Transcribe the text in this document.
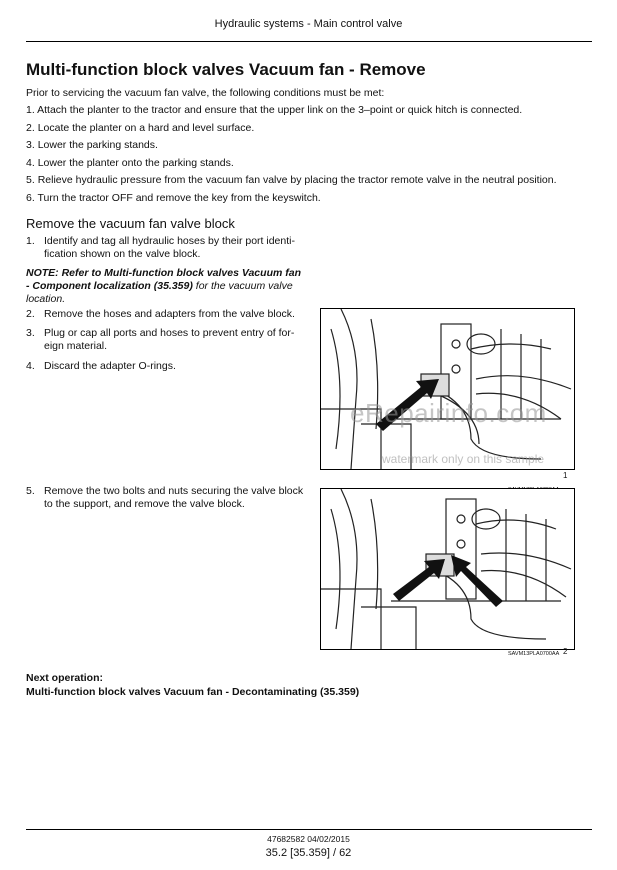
Hydraulic systems - Main control valve
Multi-function block valves Vacuum fan - Remove
Prior to servicing the vacuum fan valve, the following conditions must be met:
1. Attach the planter to the tractor and ensure that the upper link on the 3–point or quick hitch is connected.
2. Locate the planter on a hard and level surface.
3. Lower the parking stands.
4. Lower the planter onto the parking stands.
5. Relieve hydraulic pressure from the vacuum fan valve by placing the tractor remote valve in the neutral position.
6. Turn the tractor OFF and remove the key from the keyswitch.
Remove the vacuum fan valve block
1. Identify and tag all hydraulic hoses by their port identi- fication shown on the valve block.
NOTE: Refer to Multi-function block valves Vacuum fan - Component localization (35.359) for the vacuum valve location.
2. Remove the hoses and adapters from the valve block.
3. Plug or cap all ports and hoses to prevent entry of for- eign material.
4. Discard the adapter O-rings.
5. Remove the two bolts and nuts securing the valve block to the support, and remove the valve block.
eRepairinfo.com
watermark only on this sample
1
SAVM13PLA0700AA 2
Next operation:
Multi-function block valves Vacuum fan - Decontaminating (35.359)
47682582 04/02/2015
35.2 [35.359] / 62
